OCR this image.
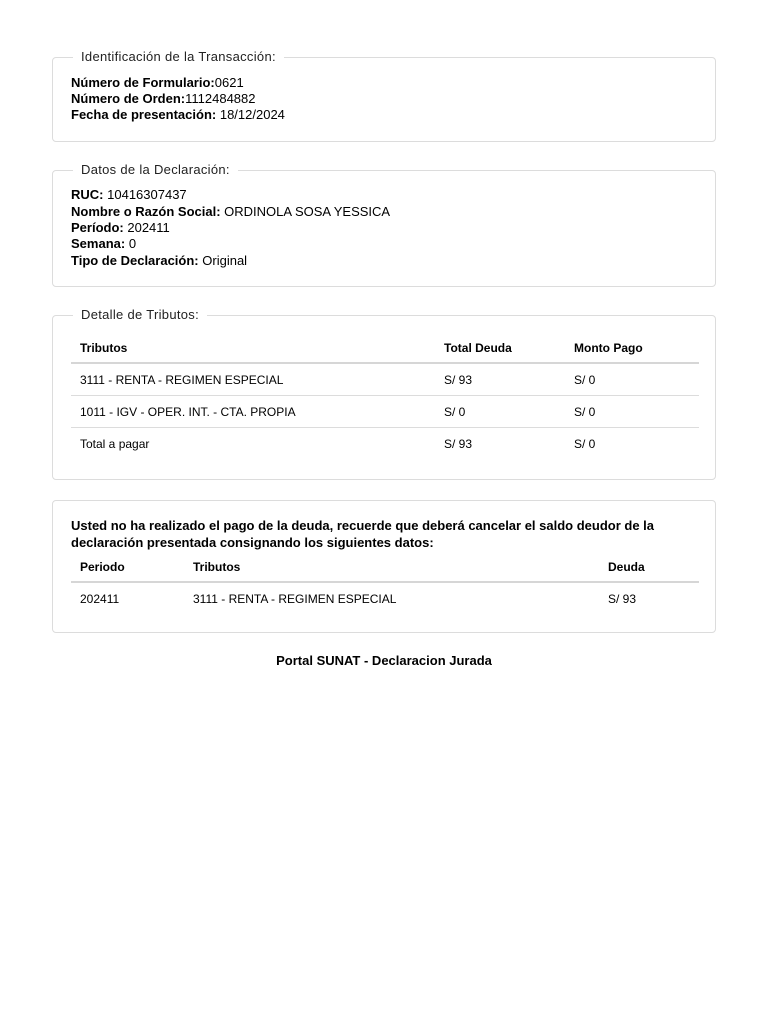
Identificación de la Transacción:
Número de Formulario:0621
Número de Orden:1112484882
Fecha de presentación: 18/12/2024
Datos de la Declaración:
RUC: 10416307437
Nombre o Razón Social: ORDINOLA SOSA YESSICA
Período: 202411
Semana: 0
Tipo de Declaración: Original
Detalle de Tributos:
Tributos	Total Deuda	Monto Pago
3111 - RENTA - REGIMEN ESPECIAL	S/ 93	S/ 0
1011 - IGV - OPER. INT. - CTA. PROPIA	S/ 0	S/ 0
Total a pagar	S/ 93	S/ 0
Usted no ha realizado el pago de la deuda, recuerde que deberá cancelar el saldo deudor de la declaración presentada consignando los siguientes datos:
Periodo	Tributos	Deuda
202411	3111 - RENTA - REGIMEN ESPECIAL	S/ 93
Portal SUNAT - Declaracion Jurada
